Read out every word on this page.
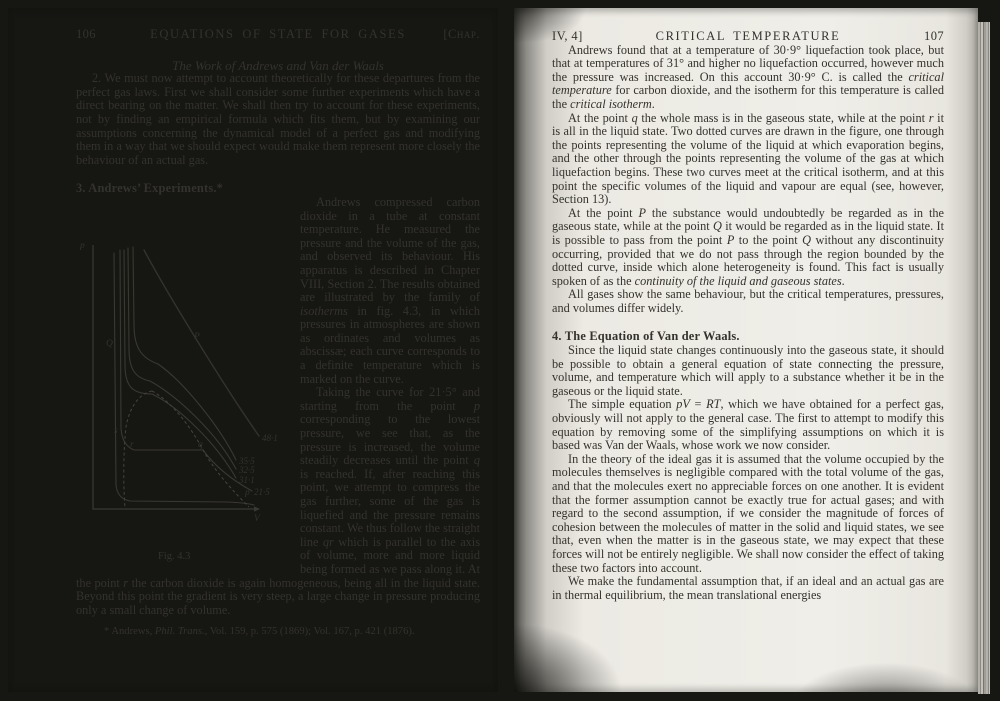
106	EQUATIONS OF STATE FOR GASES	[Chap.
The Work of Andrews and Van der Waals

2. We must now attempt to account theoretically for these departures from the perfect gas laws. First we shall consider some further experiments which have a direct bearing on the matter. We shall then try to account for these experiments, not by finding an empirical formula which fits them, but by examining our assumptions concerning the dynamical model of a perfect gas and modifying them in a way that we should expect would make them represent more closely the behaviour of an actual gas.

3. Andrews’ Experiments.*
p
V
Q
P
s
r	q
p
48·1
35·5
32·5
31·1
21·5
Fig. 4.3

Andrews compressed carbon dioxide in a tube at constant temperature. He measured the pressure and the volume of the gas, and observed its behaviour. His apparatus is described in Chapter VIII, Section 2. The results obtained are illustrated by the family of isotherms in fig. 4.3, in which pressures in atmospheres are shown as ordinates and volumes as abscissæ; each curve corresponds to a definite temperature which is marked on the curve.

Taking the curve for 21·5° and starting from the point p corresponding to the lowest pressure, we see that, as the pressure is increased, the volume steadily decreases until the point q is reached. If, after reaching this point, we attempt to compress the gas further, some of the gas is liquefied and the pressure remains constant. We thus follow the straight line qr which is parallel to the axis of volume, more and more liquid being formed as we pass along it. At the point r the carbon dioxide is again homogeneous, being all in the liquid state. Beyond this point the gradient is very steep, a large change in pressure producing only a small change of volume.

* Andrews, Phil. Trans., Vol. 159, p. 575 (1869); Vol. 167, p. 421 (1876).

IV, 4]	CRITICAL TEMPERATURE	107

Andrews found that at a temperature of 30·9° liquefaction took place, but that at temperatures of 31° and higher no liquefaction occurred, however much the pressure was increased. On this account 30·9° C. is called the critical temperature for carbon dioxide, and the isotherm for this temperature is called the critical isotherm.

At the point q the whole mass is in the gaseous state, while at the point r it is all in the liquid state. Two dotted curves are drawn in the figure, one through the points representing the volume of the liquid at which evaporation begins, and the other through the points representing the volume of the gas at which liquefaction begins. These two curves meet at the critical isotherm, and at this point the specific volumes of the liquid and vapour are equal (see, however, Section 13).

At the point P the substance would undoubtedly be regarded as in the gaseous state, while at the point Q it would be regarded as in the liquid state. It is possible to pass from the point P to the point Q without any discontinuity occurring, provided that we do not pass through the region bounded by the dotted curve, inside which alone heterogeneity is found. This fact is usually spoken of as the continuity of the liquid and gaseous states.

All gases show the same behaviour, but the critical temperatures, pressures, and volumes differ widely.

4. The Equation of Van der Waals.

Since the liquid state changes continuously into the gaseous state, it should be possible to obtain a general equation of state connecting the pressure, volume, and temperature which will apply to a substance whether it be in the gaseous or the liquid state.

The simple equation pV = RT, which we have obtained for a perfect gas, obviously will not apply to the general case. The first to attempt to modify this equation by removing some of the simplifying assumptions on which it is based was Van der Waals, whose work we now consider.

In the theory of the ideal gas it is assumed that the volume occupied by the molecules themselves is negligible compared with the total volume of the gas, and that the molecules exert no appreciable forces on one another. It is evident that the former assumption cannot be exactly true for actual gases; and with regard to the second assumption, if we consider the magnitude of forces of cohesion between the molecules of matter in the solid and liquid states, we see that, even when the matter is in the gaseous state, we may expect that these forces will not be entirely negligible. We shall now consider the effect of taking these two factors into account.

We make the fundamental assumption that, if an ideal and an actual gas are in thermal equilibrium, the mean translational energies
